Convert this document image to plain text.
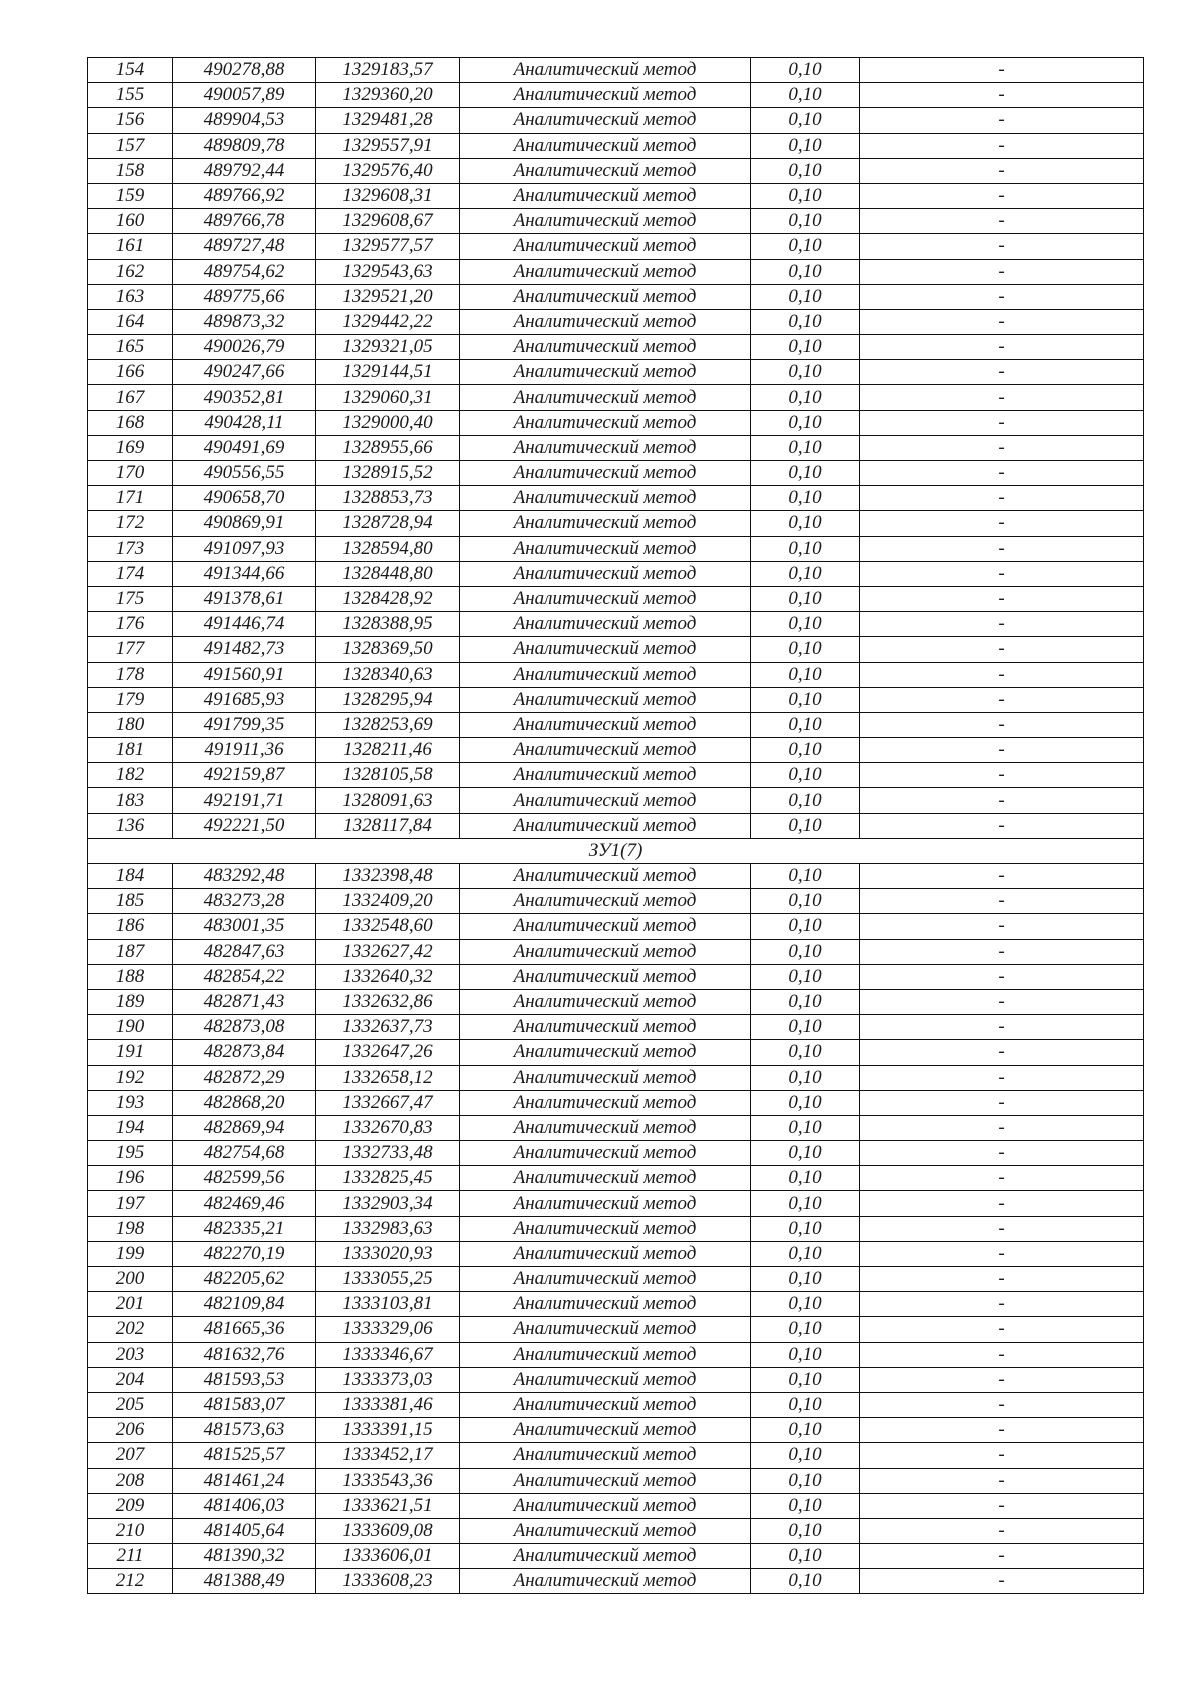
154	490278,88	1329183,57	Аналитический метод	0,10	-
155	490057,89	1329360,20	Аналитический метод	0,10	-
156	489904,53	1329481,28	Аналитический метод	0,10	-
157	489809,78	1329557,91	Аналитический метод	0,10	-
158	489792,44	1329576,40	Аналитический метод	0,10	-
159	489766,92	1329608,31	Аналитический метод	0,10	-
160	489766,78	1329608,67	Аналитический метод	0,10	-
161	489727,48	1329577,57	Аналитический метод	0,10	-
162	489754,62	1329543,63	Аналитический метод	0,10	-
163	489775,66	1329521,20	Аналитический метод	0,10	-
164	489873,32	1329442,22	Аналитический метод	0,10	-
165	490026,79	1329321,05	Аналитический метод	0,10	-
166	490247,66	1329144,51	Аналитический метод	0,10	-
167	490352,81	1329060,31	Аналитический метод	0,10	-
168	490428,11	1329000,40	Аналитический метод	0,10	-
169	490491,69	1328955,66	Аналитический метод	0,10	-
170	490556,55	1328915,52	Аналитический метод	0,10	-
171	490658,70	1328853,73	Аналитический метод	0,10	-
172	490869,91	1328728,94	Аналитический метод	0,10	-
173	491097,93	1328594,80	Аналитический метод	0,10	-
174	491344,66	1328448,80	Аналитический метод	0,10	-
175	491378,61	1328428,92	Аналитический метод	0,10	-
176	491446,74	1328388,95	Аналитический метод	0,10	-
177	491482,73	1328369,50	Аналитический метод	0,10	-
178	491560,91	1328340,63	Аналитический метод	0,10	-
179	491685,93	1328295,94	Аналитический метод	0,10	-
180	491799,35	1328253,69	Аналитический метод	0,10	-
181	491911,36	1328211,46	Аналитический метод	0,10	-
182	492159,87	1328105,58	Аналитический метод	0,10	-
183	492191,71	1328091,63	Аналитический метод	0,10	-
136	492221,50	1328117,84	Аналитический метод	0,10	-
ЗУ1(7)					
184	483292,48	1332398,48	Аналитический метод	0,10	-
185	483273,28	1332409,20	Аналитический метод	0,10	-
186	483001,35	1332548,60	Аналитический метод	0,10	-
187	482847,63	1332627,42	Аналитический метод	0,10	-
188	482854,22	1332640,32	Аналитический метод	0,10	-
189	482871,43	1332632,86	Аналитический метод	0,10	-
190	482873,08	1332637,73	Аналитический метод	0,10	-
191	482873,84	1332647,26	Аналитический метод	0,10	-
192	482872,29	1332658,12	Аналитический метод	0,10	-
193	482868,20	1332667,47	Аналитический метод	0,10	-
194	482869,94	1332670,83	Аналитический метод	0,10	-
195	482754,68	1332733,48	Аналитический метод	0,10	-
196	482599,56	1332825,45	Аналитический метод	0,10	-
197	482469,46	1332903,34	Аналитический метод	0,10	-
198	482335,21	1332983,63	Аналитический метод	0,10	-
199	482270,19	1333020,93	Аналитический метод	0,10	-
200	482205,62	1333055,25	Аналитический метод	0,10	-
201	482109,84	1333103,81	Аналитический метод	0,10	-
202	481665,36	1333329,06	Аналитический метод	0,10	-
203	481632,76	1333346,67	Аналитический метод	0,10	-
204	481593,53	1333373,03	Аналитический метод	0,10	-
205	481583,07	1333381,46	Аналитический метод	0,10	-
206	481573,63	1333391,15	Аналитический метод	0,10	-
207	481525,57	1333452,17	Аналитический метод	0,10	-
208	481461,24	1333543,36	Аналитический метод	0,10	-
209	481406,03	1333621,51	Аналитический метод	0,10	-
210	481405,64	1333609,08	Аналитический метод	0,10	-
211	481390,32	1333606,01	Аналитический метод	0,10	-
212	481388,49	1333608,23	Аналитический метод	0,10	-
